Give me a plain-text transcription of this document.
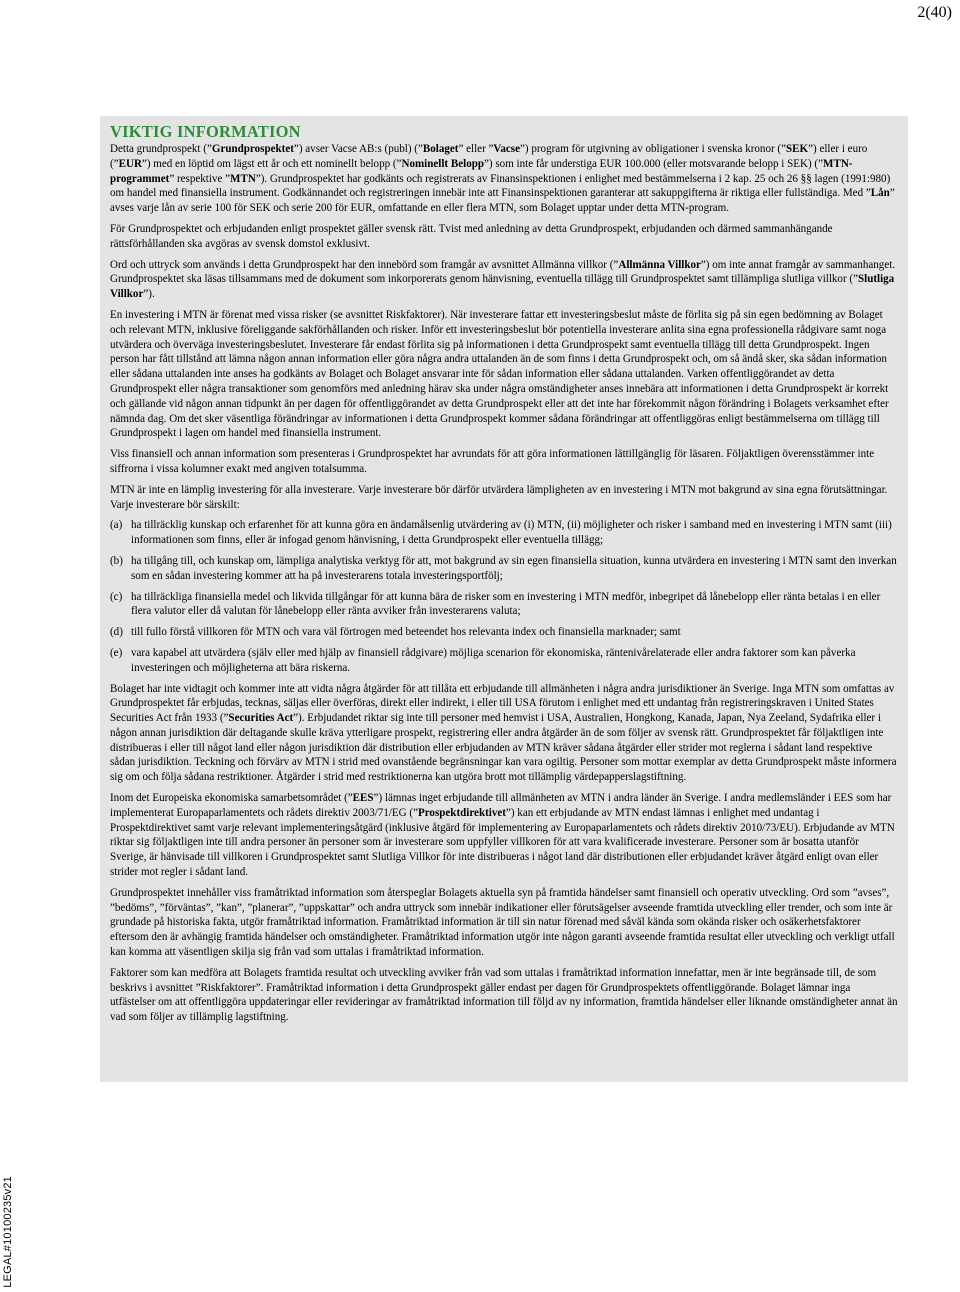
2(40)
VIKTIG INFORMATION

Detta grundprospekt (”Grundprospektet”) avser Vacse AB:s (publ) (”Bolaget” eller ”Vacse”) program för utgivning av obligationer i svenska kronor (”SEK”) eller i euro (”EUR”) med en löptid om lägst ett år och ett nominellt belopp (”Nominellt Belopp”) som inte får understiga EUR 100.000 (eller motsvarande belopp i SEK) (”MTN-programmet” respektive ”MTN”). Grundprospektet har godkänts och registrerats av Finansinspektionen i enlighet med bestämmelserna i 2 kap. 25 och 26 §§ lagen (1991:980) om handel med finansiella instrument. Godkännandet och registreringen innebär inte att Finansinspektionen garanterar att sakuppgifterna är riktiga eller fullständiga. Med ”Lån” avses varje lån av serie 100 för SEK och serie 200 för EUR, omfattande en eller flera MTN, som Bolaget upptar under detta MTN-program.

För Grundprospektet och erbjudanden enligt prospektet gäller svensk rätt. Tvist med anledning av detta Grundprospekt, erbjudanden och därmed sammanhängande rättsförhållanden ska avgöras av svensk domstol exklusivt.

Ord och uttryck som används i detta Grundprospekt har den innebörd som framgår av avsnittet Allmänna villkor (”Allmänna Villkor”) om inte annat framgår av sammanhanget. Grundprospektet ska läsas tillsammans med de dokument som inkorporerats genom hänvisning, eventuella tillägg till Grundprospektet samt tillämpliga slutliga villkor (”Slutliga Villkor”).

En investering i MTN är förenat med vissa risker (se avsnittet Riskfaktorer). När investerare fattar ett investeringsbeslut måste de förlita sig på sin egen bedömning av Bolaget och relevant MTN, inklusive föreliggande sakförhållanden och risker. Inför ett investeringsbeslut bör potentiella investerare anlita sina egna professionella rådgivare samt noga utvärdera och överväga investeringsbeslutet. Investerare får endast förlita sig på informationen i detta Grundprospekt samt eventuella tillägg till detta Grundprospekt. Ingen person har fått tillstånd att lämna någon annan information eller göra några andra uttalanden än de som finns i detta Grundprospekt och, om så ändå sker, ska sådan information eller sådana uttalanden inte anses ha godkänts av Bolaget och Bolaget ansvarar inte för sådan information eller sådana uttalanden. Varken offentliggörandet av detta Grundprospekt eller några transaktioner som genomförs med anledning härav ska under några omständigheter anses innebära att informationen i detta Grundprospekt är korrekt och gällande vid någon annan tidpunkt än per dagen för offentliggörandet av detta Grundprospekt eller att det inte har förekommit någon förändring i Bolagets verksamhet efter nämnda dag. Om det sker väsentliga förändringar av informationen i detta Grundprospekt kommer sådana förändringar att offentliggöras enligt bestämmelserna om tillägg till Grundprospekt i lagen om handel med finansiella instrument.

Viss finansiell och annan information som presenteras i Grundprospektet har avrundats för att göra informationen lättillgänglig för läsaren. Följaktligen överensstämmer inte siffrorna i vissa kolumner exakt med angiven totalsumma.

MTN är inte en lämplig investering för alla investerare. Varje investerare bör därför utvärdera lämpligheten av en investering i MTN mot bakgrund av sina egna förutsättningar. Varje investerare bör särskilt:

(a) ha tillräcklig kunskap och erfarenhet för att kunna göra en ändamålsenlig utvärdering av (i) MTN, (ii) möjligheter och risker i samband med en investering i MTN samt (iii) informationen som finns, eller är infogad genom hänvisning, i detta Grundprospekt eller eventuella tillägg;
(b) ha tillgång till, och kunskap om, lämpliga analytiska verktyg för att, mot bakgrund av sin egen finansiella situation, kunna utvärdera en investering i MTN samt den inverkan som en sådan investering kommer att ha på investerarens totala investeringsportfölj;
(c) ha tillräckliga finansiella medel och likvida tillgångar för att kunna bära de risker som en investering i MTN medför, inbegripet då lånebelopp eller ränta betalas i en eller flera valutor eller då valutan för lånebelopp eller ränta avviker från investerarens valuta;
(d) till fullo förstå villkoren för MTN och vara väl förtrogen med beteendet hos relevanta index och finansiella marknader; samt
(e) vara kapabel att utvärdera (själv eller med hjälp av finansiell rådgivare) möjliga scenarion för ekonomiska, räntenivårelaterade eller andra faktorer som kan påverka investeringen och möjligheterna att bära riskerna.

Bolaget har inte vidtagit och kommer inte att vidta några åtgärder för att tillåta ett erbjudande till allmänheten i några andra jurisdiktioner än Sverige. Inga MTN som omfattas av Grundprospektet får erbjudas, tecknas, säljas eller överföras, direkt eller indirekt, i eller till USA förutom i enlighet med ett undantag från registreringskraven i United States Securities Act från 1933 (”Securities Act”). Erbjudandet riktar sig inte till personer med hemvist i USA, Australien, Hongkong, Kanada, Japan, Nya Zeeland, Sydafrika eller i någon annan jurisdiktion där deltagande skulle kräva ytterligare prospekt, registrering eller andra åtgärder än de som följer av svensk rätt. Grundprospektet får följaktligen inte distribueras i eller till något land eller någon jurisdiktion där distribution eller erbjudanden av MTN kräver sådana åtgärder eller strider mot reglerna i sådant land respektive sådan jurisdiktion. Teckning och förvärv av MTN i strid med ovanstående begränsningar kan vara ogiltig. Personer som mottar exemplar av detta Grundprospekt måste informera sig om och följa sådana restriktioner. Åtgärder i strid med restriktionerna kan utgöra brott mot tillämplig värdepapperslagstiftning.

Inom det Europeiska ekonomiska samarbetsområdet (”EES”) lämnas inget erbjudande till allmänheten av MTN i andra länder än Sverige. I andra medlemsländer i EES som har implementerat Europaparlamentets och rådets direktiv 2003/71/EG (”Prospektdirektivet”) kan ett erbjudande av MTN endast lämnas i enlighet med undantag i Prospektdirektivet samt varje relevant implementeringsåtgärd (inklusive åtgärd för implementering av Europaparlamentets och rådets direktiv 2010/73/EU). Erbjudande av MTN riktar sig följaktligen inte till andra personer än personer som är investerare som uppfyller villkoren för att vara kvalificerade investerare. Personer som är bosatta utanför Sverige, är hänvisade till villkoren i Grundprospektet samt Slutliga Villkor för inte distribueras i något land där distributionen eller erbjudandet kräver åtgärd enligt ovan eller strider mot regler i sådant land.

Grundprospektet innehåller viss framåtriktad information som återspeglar Bolagets aktuella syn på framtida händelser samt finansiell och operativ utveckling. Ord som ”avses”, ”bedöms”, ”förväntas”, ”kan”, ”planerar”, ”uppskattar” och andra uttryck som innebär indikationer eller förutsägelser avseende framtida utveckling eller trender, och som inte är grundade på historiska fakta, utgör framåtriktad information. Framåtriktad information är till sin natur förenad med såväl kända som okända risker och osäkerhetsfaktorer eftersom den är avhängig framtida händelser och omständigheter. Framåtriktad information utgör inte någon garanti avseende framtida resultat eller utveckling och verkligt utfall kan komma att väsentligen skilja sig från vad som uttalas i framåtriktad information.

Faktorer som kan medföra att Bolagets framtida resultat och utveckling avviker från vad som uttalas i framåtriktad information innefattar, men är inte begränsade till, de som beskrivs i avsnittet ”Riskfaktorer”. Framåtriktad information i detta Grundprospekt gäller endast per dagen för Grundprospektets offentliggörande. Bolaget lämnar inga utfästelser om att offentliggöra uppdateringar eller revideringar av framåtriktad information till följd av ny information, framtida händelser eller liknande omständigheter annat än vad som följer av tillämplig lagstiftning.

LEGAL#10100235v21
